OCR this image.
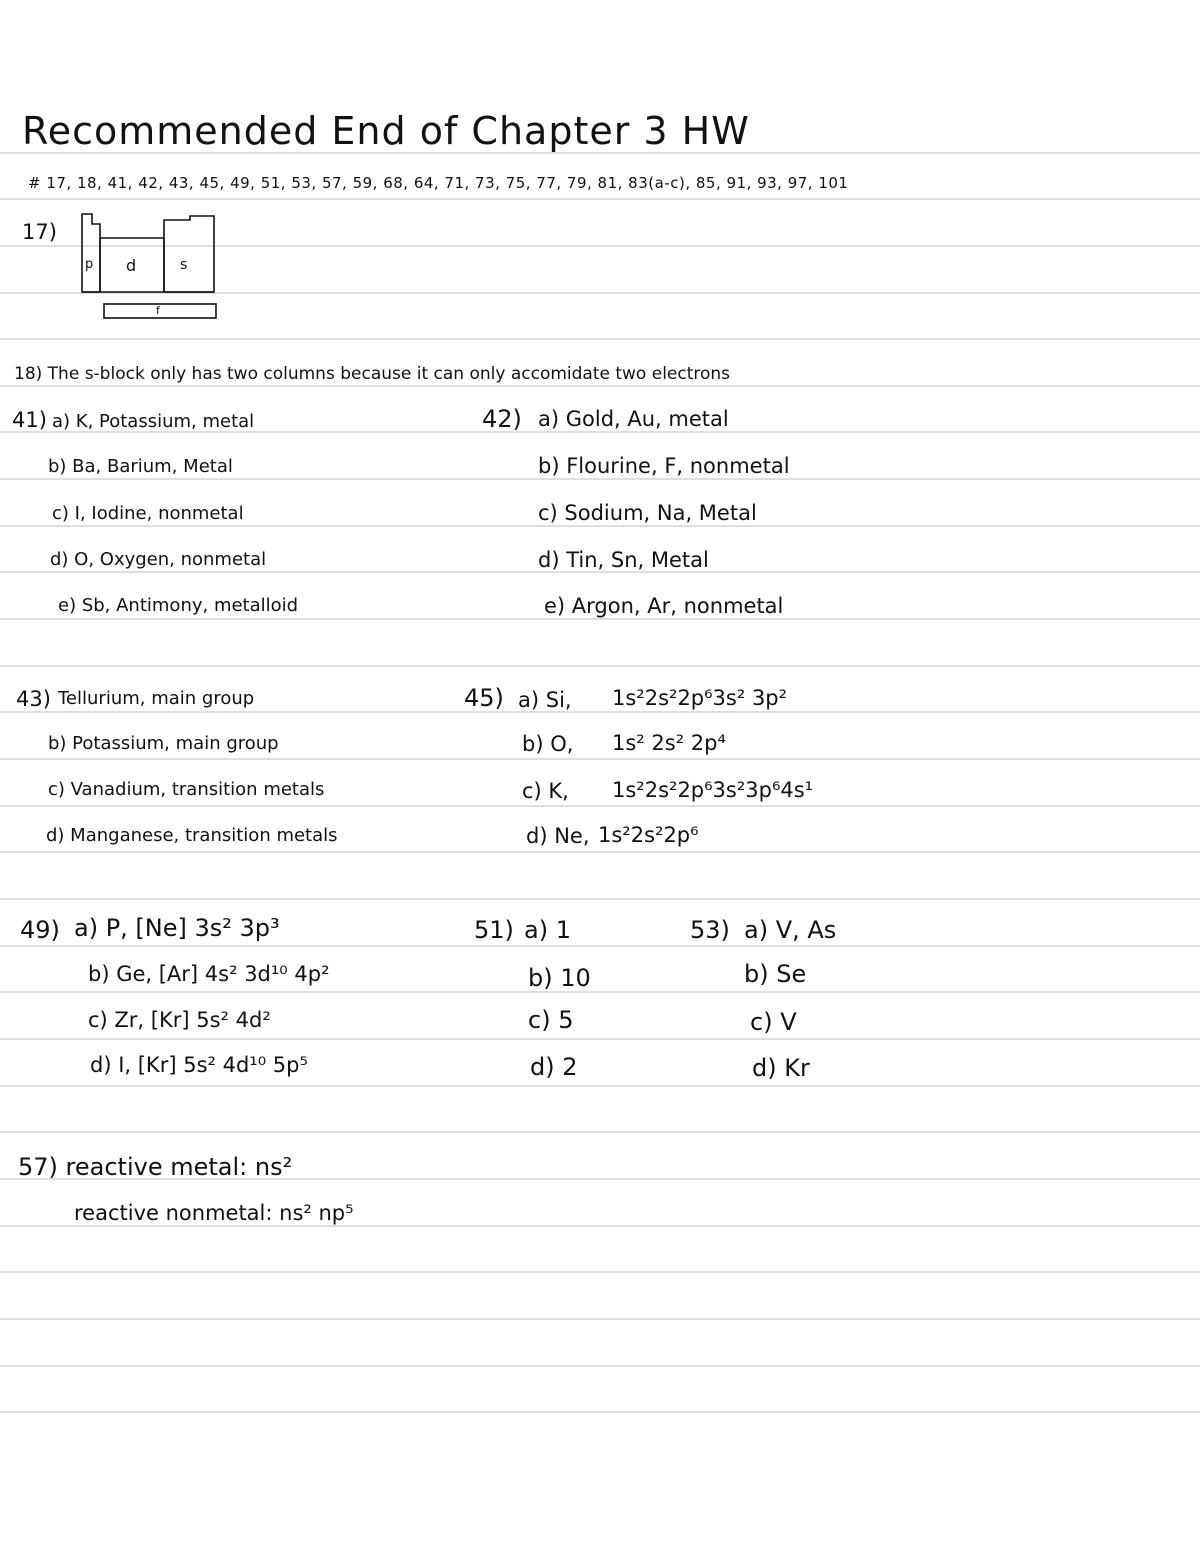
Recommended End of Chapter 3 HW
# 17, 18, 41, 42, 43, 45, 49, 51, 53, 57, 59, 68, 64, 71, 73, 75, 77, 79, 81, 83(a-c), 85, 91, 93, 97, 101
17)
p d	s
f
18) The s-block only has two columns because it can only accomidate two electrons
41) a) K, Potassium, metal
b) Ba, Barium, Metal
c) I, Iodine, nonmetal
d) O, Oxygen, nonmetal
e) Sb, Antimony, metalloid
42) a) Gold, Au, metal
b) Flourine, F, nonmetal
c) Sodium, Na, Metal
d) Tin, Sn, Metal
e) Argon, Ar, nonmetal
43) Tellurium, main group
b) Potassium, main group
c) Vanadium, transition metals
d) Manganese, transition metals
45) a) Si, 1s²2s²2p⁶3s² 3p²
b) O, 1s² 2s² 2p⁴
c) K, 1s²2s²2p⁶3s²3p⁶4s¹
d) Ne, 1s²2s²2p⁶
49) a) P, [Ne] 3s² 3p³
b) Ge, [Ar] 4s² 3d¹⁰ 4p²
c) Zr, [Kr] 5s² 4d²
d) I, [Kr] 5s² 4d¹⁰ 5p⁵
51) a) 1
b) 10
c) 5
d) 2
53) a) V, As
b) Se
c) V
d) Kr
57) reactive metal: ns²
reactive nonmetal: ns² np⁵
